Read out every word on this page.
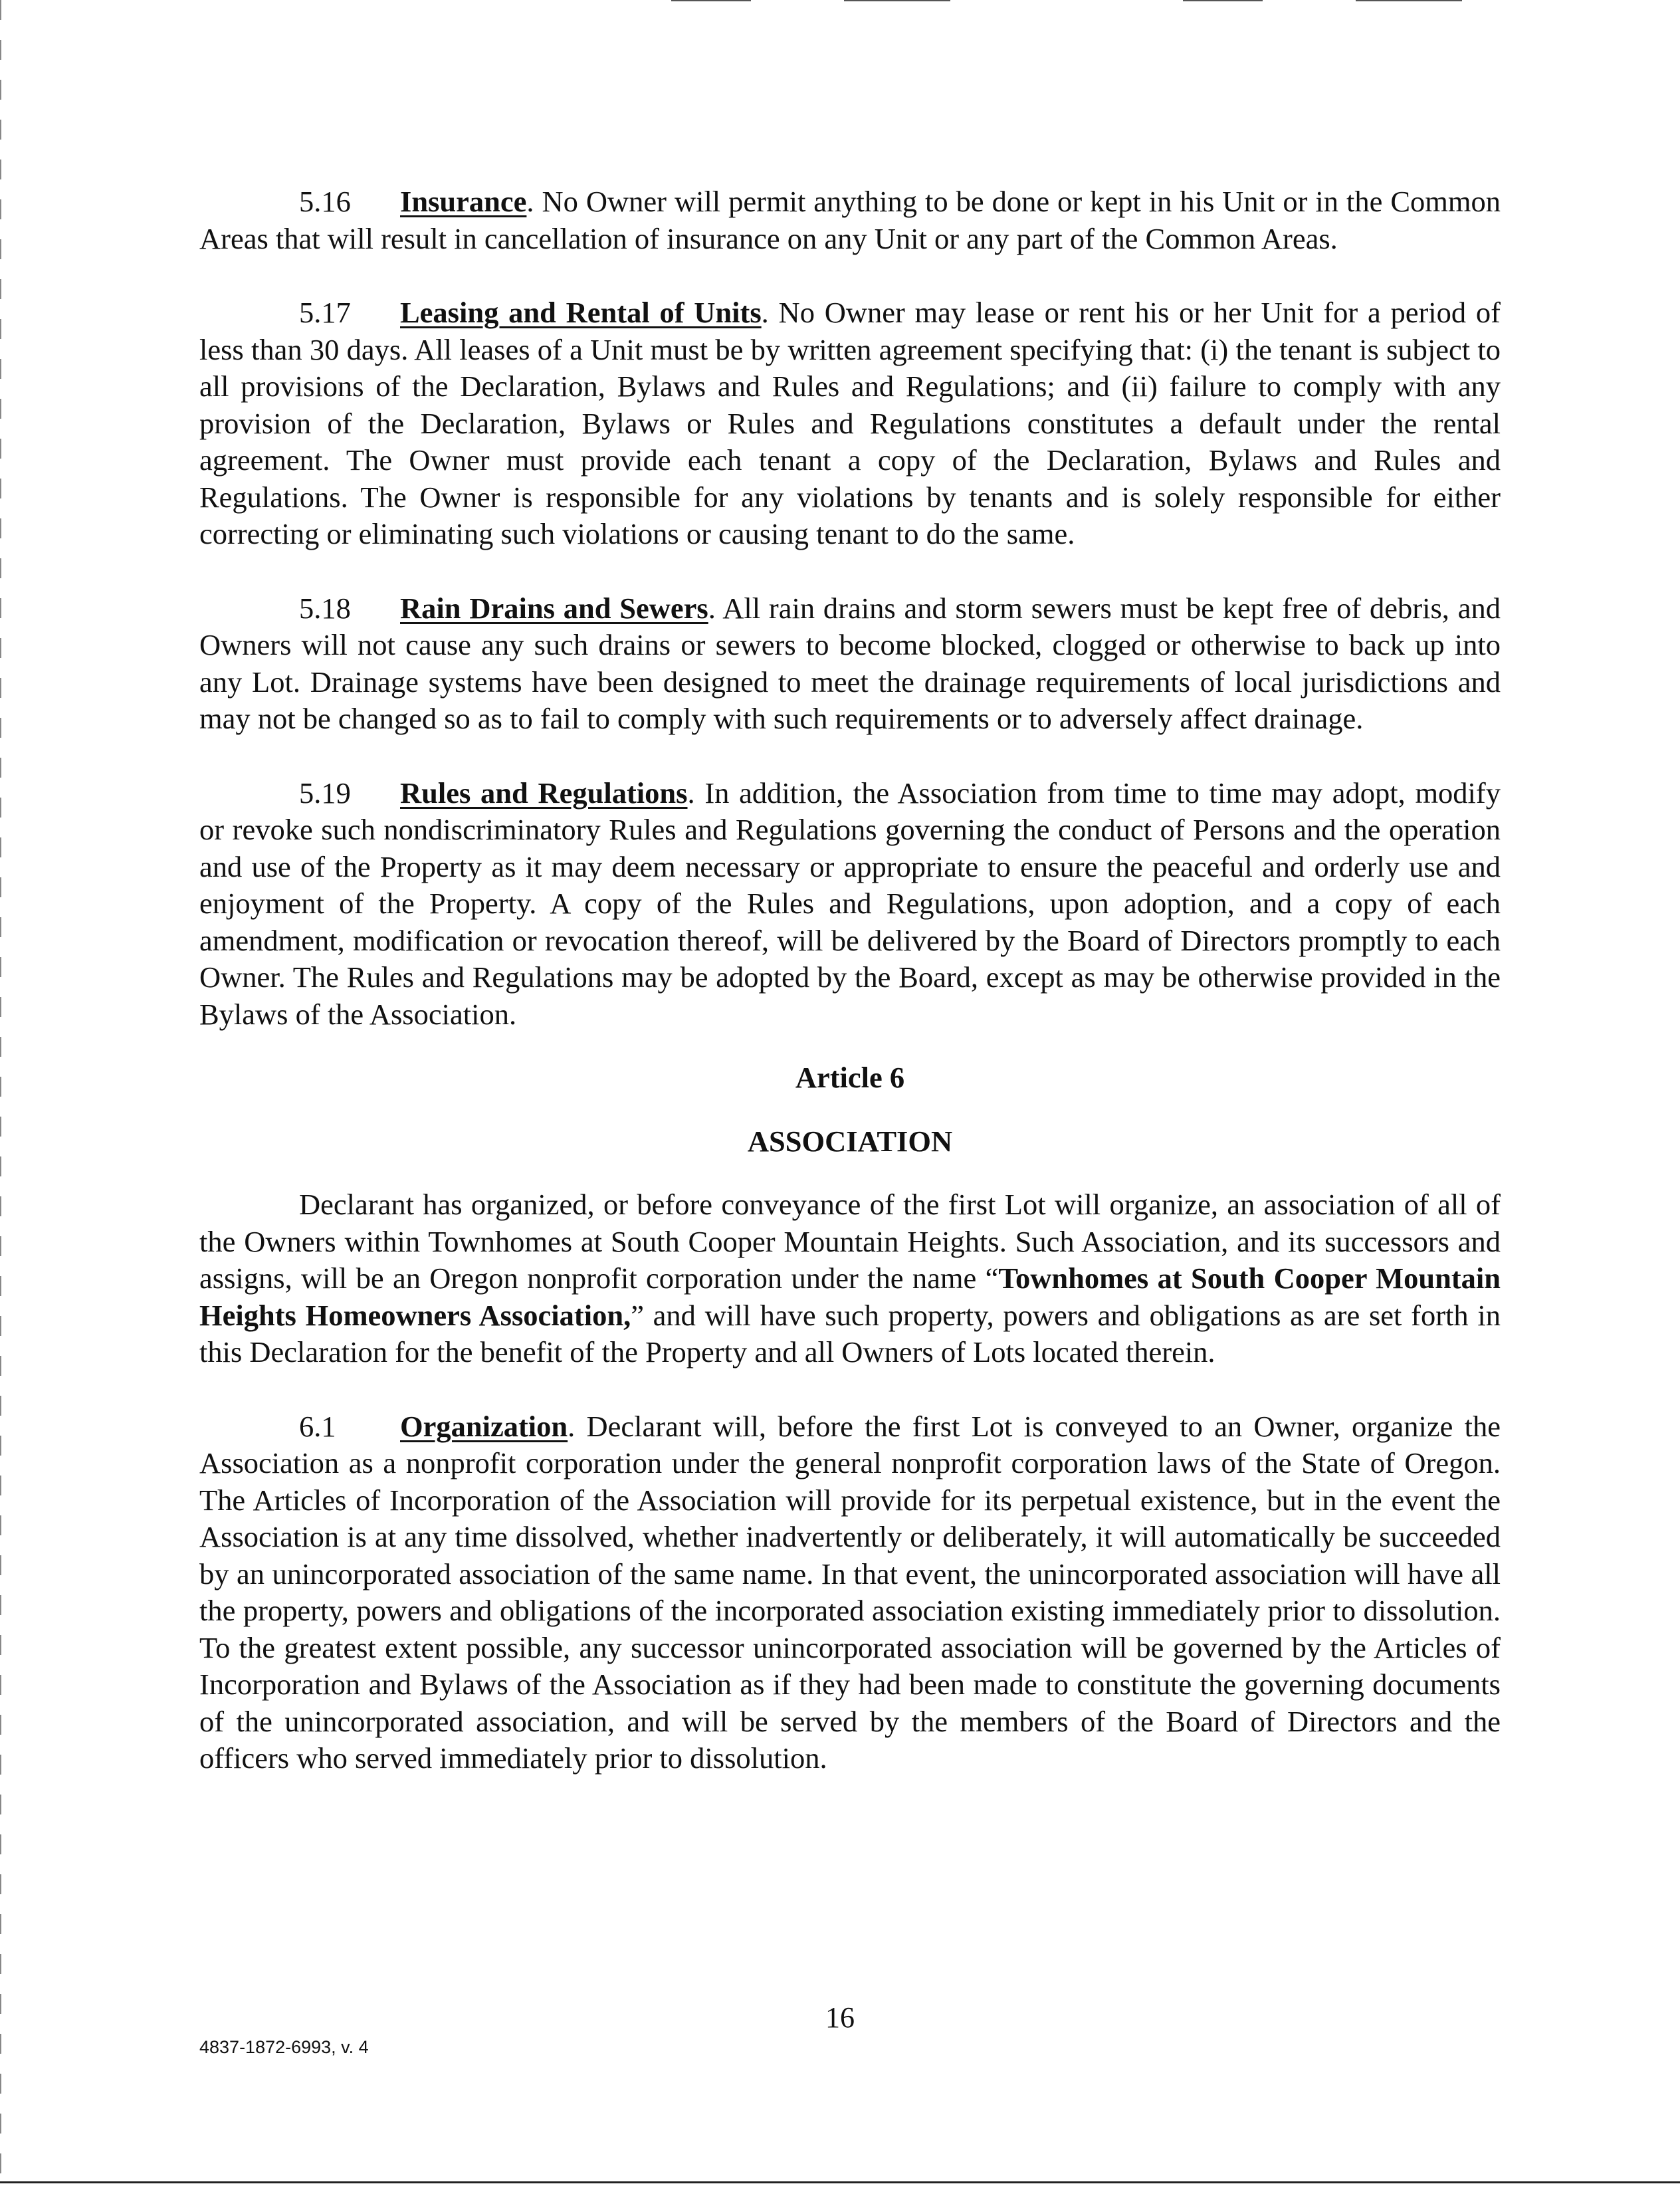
5.16 Insurance. No Owner will permit anything to be done or kept in his Unit or in the Common Areas that will result in cancellation of insurance on any Unit or any part of the Common Areas.

5.17 Leasing and Rental of Units. No Owner may lease or rent his or her Unit for a period of less than 30 days. All leases of a Unit must be by written agreement specifying that: (i) the tenant is subject to all provisions of the Declaration, Bylaws and Rules and Regulations; and (ii) failure to comply with any provision of the Declaration, Bylaws or Rules and Regulations constitutes a default under the rental agreement. The Owner must provide each tenant a copy of the Declaration, Bylaws and Rules and Regulations. The Owner is responsible for any violations by tenants and is solely responsible for either correcting or eliminating such violations or causing tenant to do the same.

5.18 Rain Drains and Sewers. All rain drains and storm sewers must be kept free of debris, and Owners will not cause any such drains or sewers to become blocked, clogged or otherwise to back up into any Lot. Drainage systems have been designed to meet the drainage requirements of local jurisdictions and may not be changed so as to fail to comply with such requirements or to adversely affect drainage.

5.19 Rules and Regulations. In addition, the Association from time to time may adopt, modify or revoke such nondiscriminatory Rules and Regulations governing the conduct of Persons and the operation and use of the Property as it may deem necessary or appropriate to ensure the peaceful and orderly use and enjoyment of the Property. A copy of the Rules and Regulations, upon adoption, and a copy of each amendment, modification or revocation thereof, will be delivered by the Board of Directors promptly to each Owner. The Rules and Regulations may be adopted by the Board, except as may be otherwise provided in the Bylaws of the Association.

Article 6

ASSOCIATION

Declarant has organized, or before conveyance of the first Lot will organize, an association of all of the Owners within Townhomes at South Cooper Mountain Heights. Such Association, and its successors and assigns, will be an Oregon nonprofit corporation under the name “Townhomes at South Cooper Mountain Heights Homeowners Association,” and will have such property, powers and obligations as are set forth in this Declaration for the benefit of the Property and all Owners of Lots located therein.

6.1 Organization. Declarant will, before the first Lot is conveyed to an Owner, organize the Association as a nonprofit corporation under the general nonprofit corporation laws of the State of Oregon. The Articles of Incorporation of the Association will provide for its perpetual existence, but in the event the Association is at any time dissolved, whether inadvertently or deliberately, it will automatically be succeeded by an unincorporated association of the same name. In that event, the unincorporated association will have all the property, powers and obligations of the incorporated association existing immediately prior to dissolution. To the greatest extent possible, any successor unincorporated association will be governed by the Articles of Incorporation and Bylaws of the Association as if they had been made to constitute the governing documents of the unincorporated association, and will be served by the members of the Board of Directors and the officers who served immediately prior to dissolution.

16
4837-1872-6993, v. 4
